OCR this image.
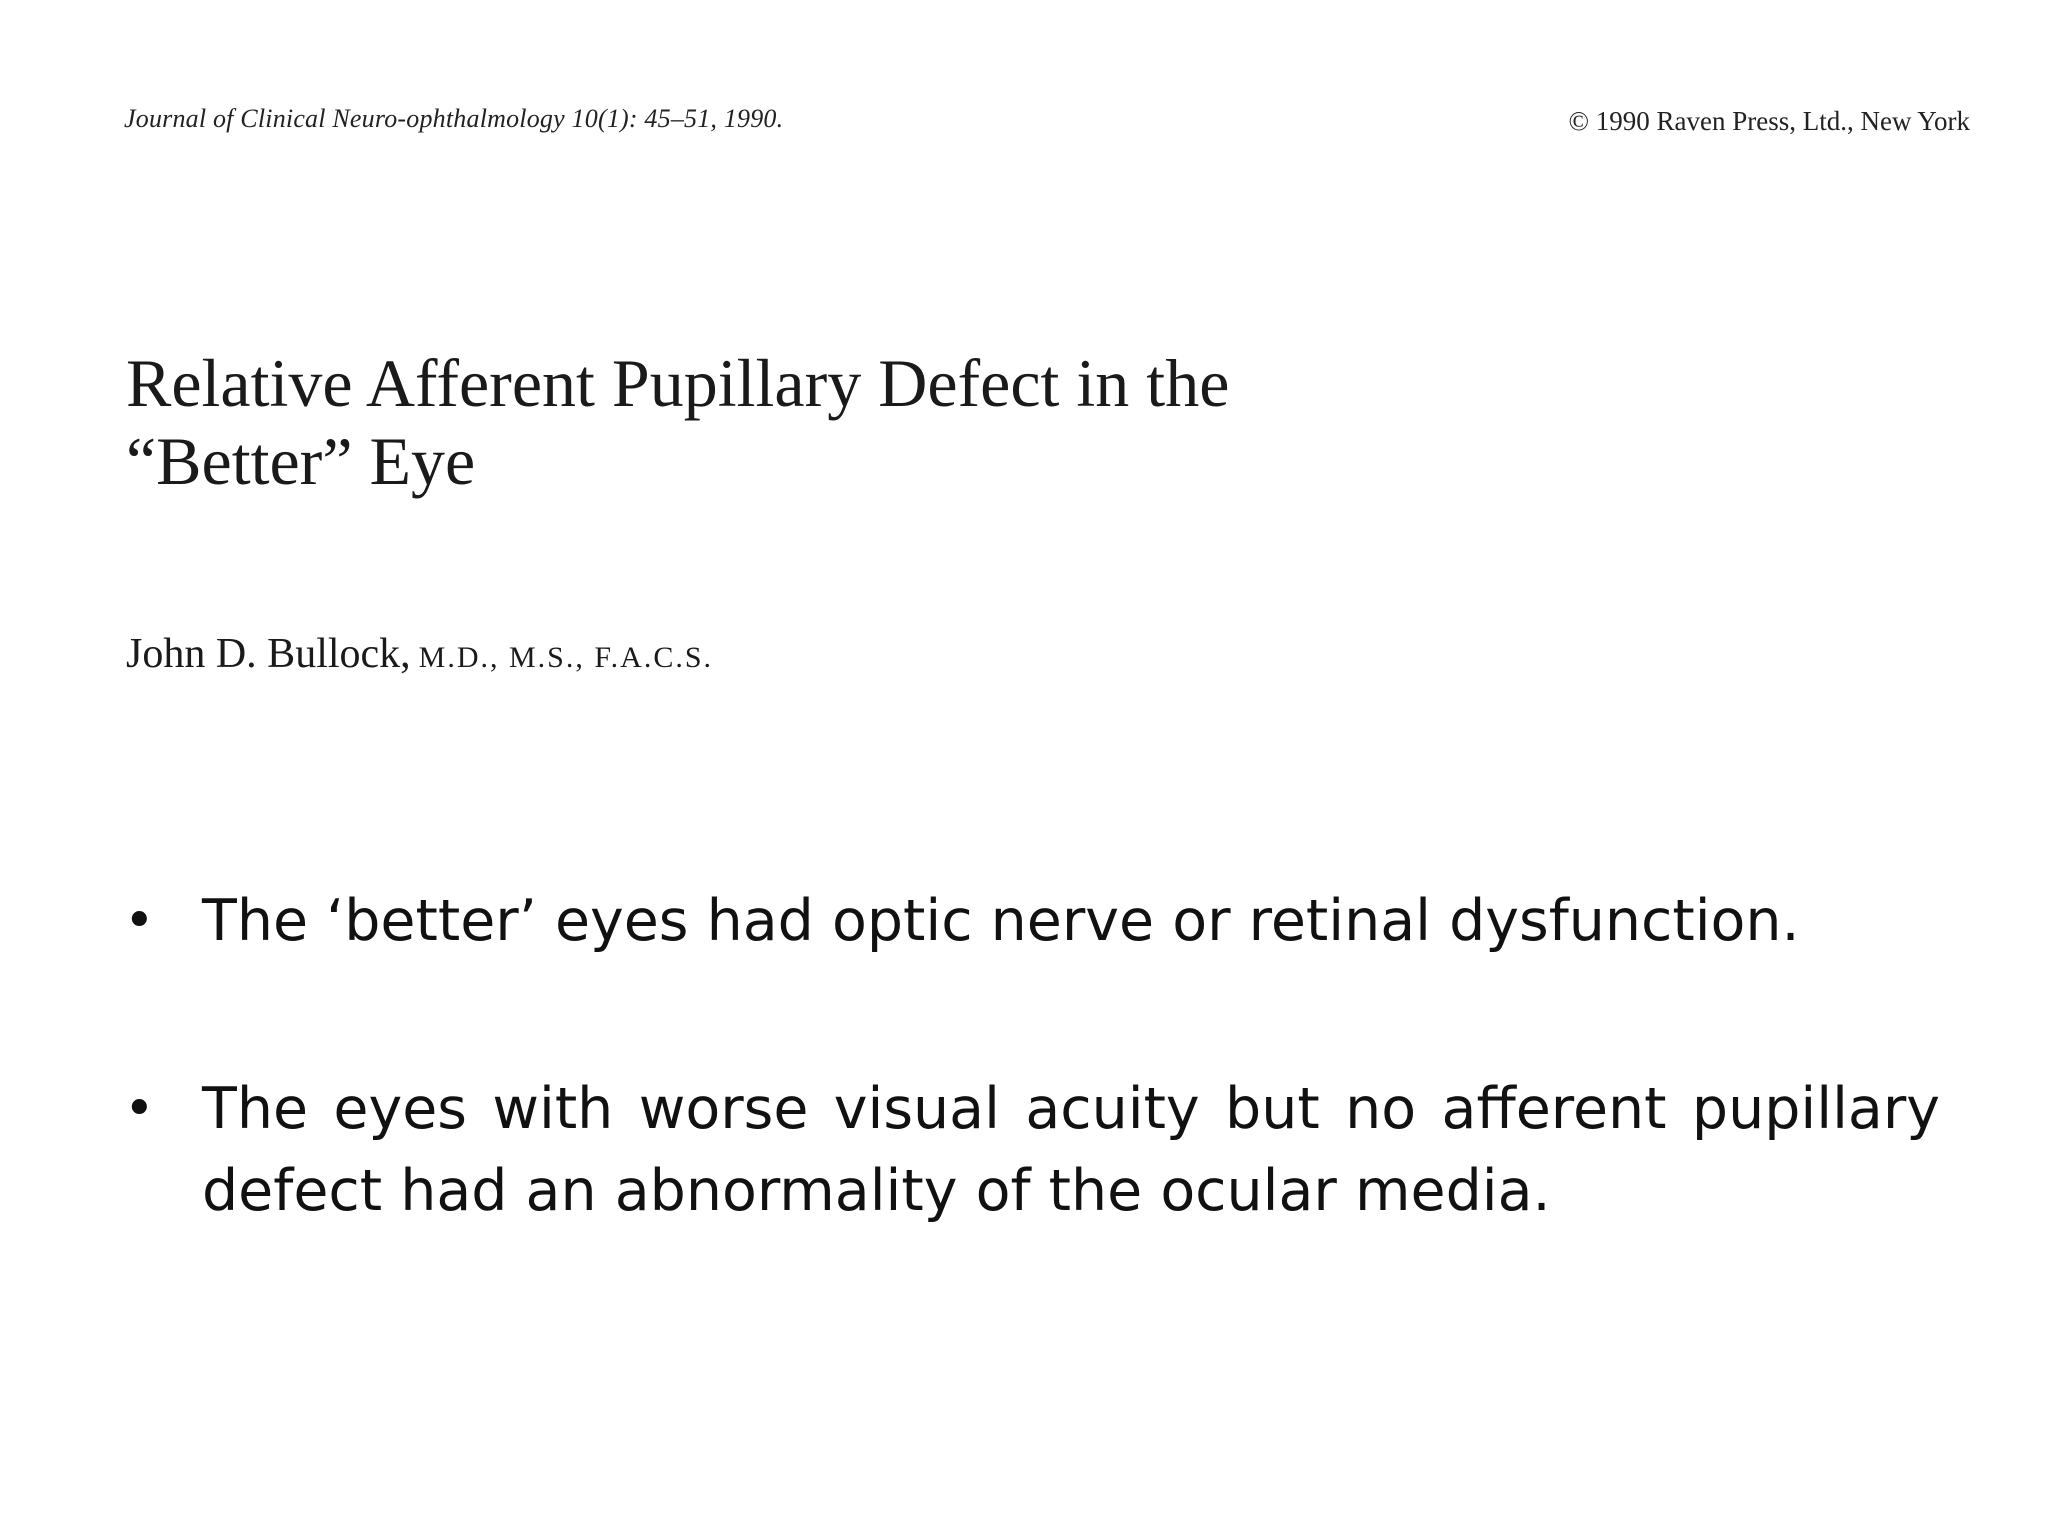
Journal of Clinical Neuro-ophthalmology 10(1): 45–51, 1990.	© 1990 Raven Press, Ltd., New York
Relative Afferent Pupillary Defect in the
“Better” Eye
John D. Bullock, M.D., M.S., F.A.C.S.
• The ‘better’ eyes had optic nerve or retinal dysfunction.
• The eyes with worse visual acuity but no afferent pupillary defect had an abnormality of the ocular media.
